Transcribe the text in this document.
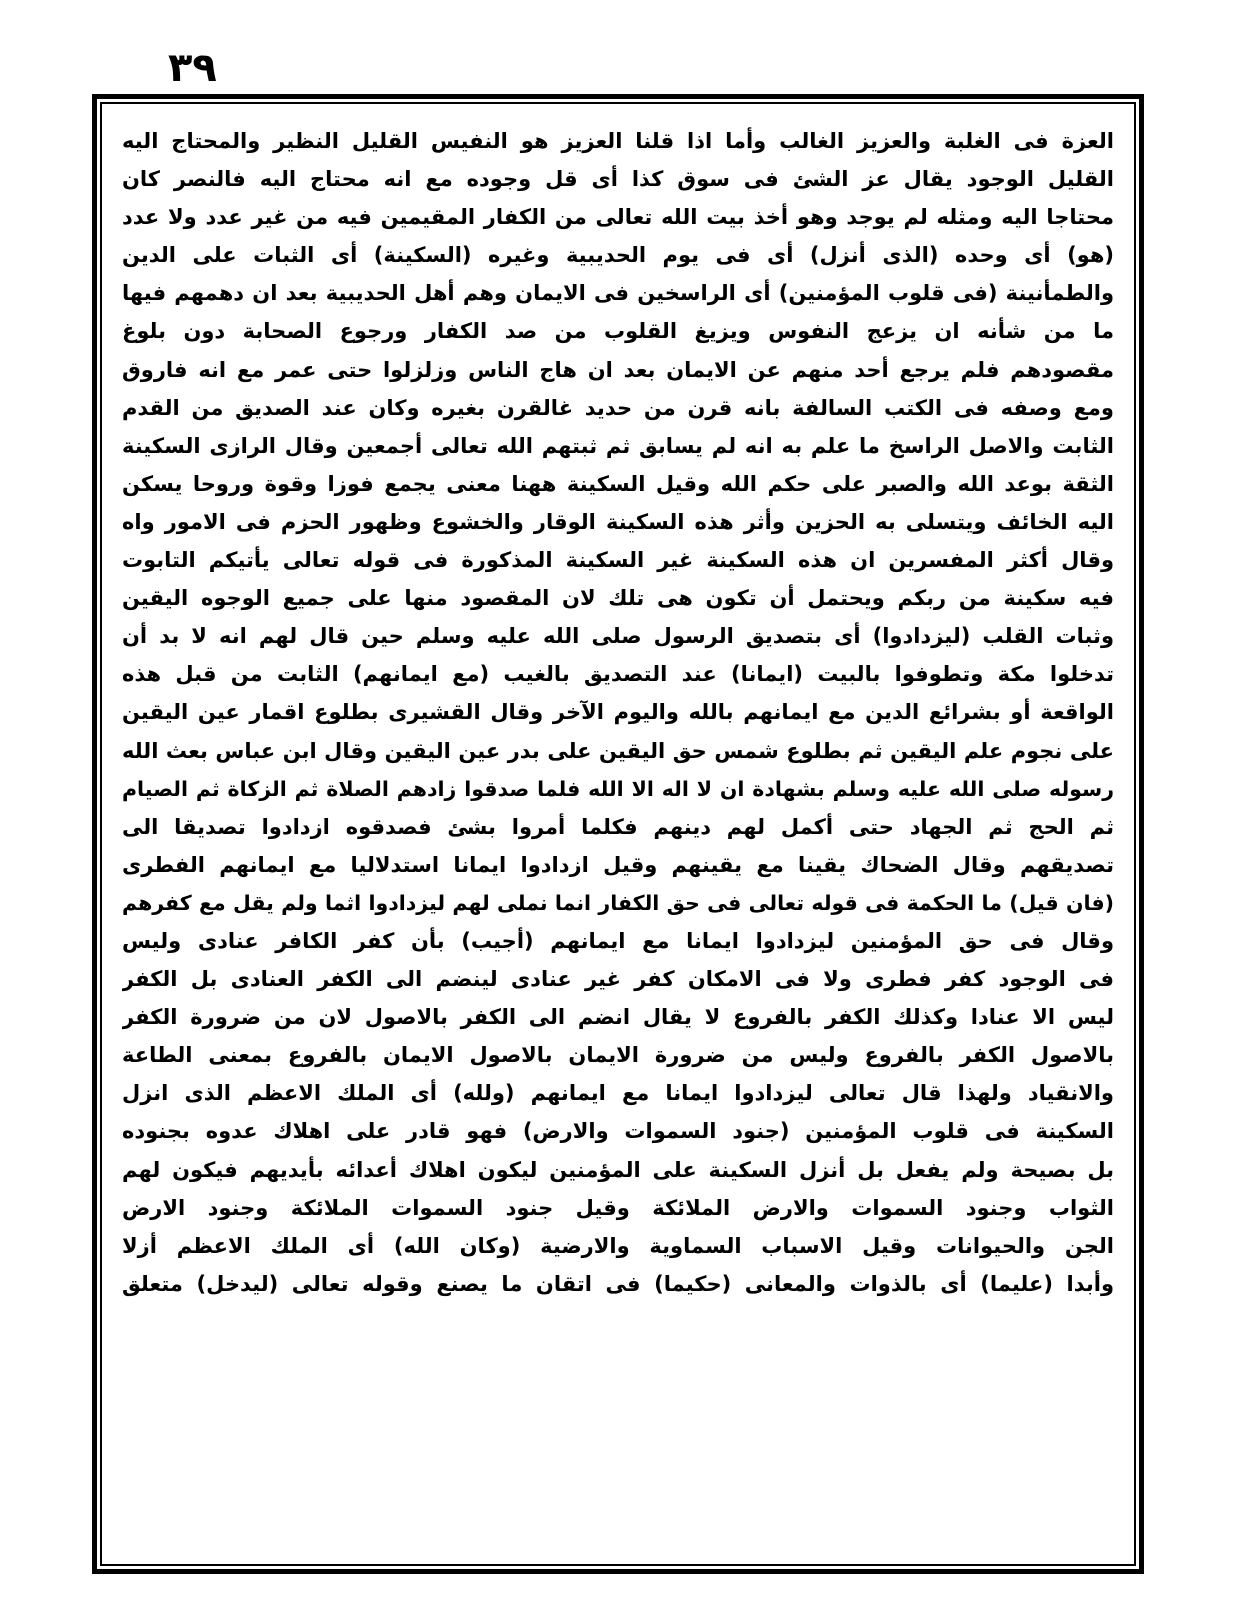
٣٩
العزة فى الغلبة والعزيز الغالب وأما اذا قلنا العزيز هو النفيس القليل النظير والمحتاج اليه
القليل الوجود يقال عز الشئ فى سوق كذا أى قل وجوده مع انه محتاج اليه فالنصر كان
محتاجا اليه ومثله لم يوجد وهو أخذ بيت الله تعالى من الكفار المقيمين فيه من غير عدد ولا عدد
(هو) أى وحده (الذى أنزل) أى فى يوم الحديبية وغيره (السكينة) أى الثبات على الدين
والطمأنينة (فى قلوب المؤمنين) أى الراسخين فى الايمان وهم أهل الحديبية بعد ان دهمهم فيها
ما من شأنه ان يزعج النفوس ويزيغ القلوب من صد الكفار ورجوع الصحابة دون بلوغ
مقصودهم فلم يرجع أحد منهم عن الايمان بعد ان هاج الناس وزلزلوا حتى عمر مع انه فاروق
ومع وصفه فى الكتب السالفة بانه قرن من حديد غالقرن بغيره وكان عند الصديق من القدم
الثابت والاصل الراسخ ما علم به انه لم يسابق ثم ثبتهم الله تعالى أجمعين وقال الرازى السكينة
الثقة بوعد الله والصبر على حكم الله وقيل السكينة ههنا معنى يجمع فوزا وقوة وروحا يسكن
اليه الخائف ويتسلى به الحزين وأثر هذه السكينة الوقار والخشوع وظهور الحزم فى الامور واه
وقال أكثر المفسرين ان هذه السكينة غير السكينة المذكورة فى قوله تعالى يأتيكم التابوت
فيه سكينة من ربكم ويحتمل أن تكون هى تلك لان المقصود منها على جميع الوجوه اليقين
وثبات القلب (ليزدادوا) أى بتصديق الرسول صلى الله عليه وسلم حين قال لهم انه لا بد أن
تدخلوا مكة وتطوفوا بالبيت (ايمانا) عند التصديق بالغيب (مع ايمانهم) الثابت من قبل هذه
الواقعة أو بشرائع الدين مع ايمانهم بالله واليوم الآخر وقال القشيرى بطلوع اقمار عين اليقين
على نجوم علم اليقين ثم بطلوع شمس حق اليقين على بدر عين اليقين وقال ابن عباس بعث الله
رسوله صلى الله عليه وسلم بشهادة ان لا اله الا الله فلما صدقوا زادهم الصلاة ثم الزكاة ثم الصيام
ثم الحج ثم الجهاد حتى أكمل لهم دينهم فكلما أمروا بشئ فصدقوه ازدادوا تصديقا الى
تصديقهم وقال الضحاك يقينا مع يقينهم وقيل ازدادوا ايمانا استدلاليا مع ايمانهم الفطرى
(فان قيل) ما الحكمة فى قوله تعالى فى حق الكفار انما نملى لهم ليزدادوا اثما ولم يقل مع كفرهم
وقال فى حق المؤمنين ليزدادوا ايمانا مع ايمانهم (أجيب) بأن كفر الكافر عنادى وليس
فى الوجود كفر فطرى ولا فى الامكان كفر غير عنادى لينضم الى الكفر العنادى بل الكفر
ليس الا عنادا وكذلك الكفر بالفروع لا يقال انضم الى الكفر بالاصول لان من ضرورة الكفر
بالاصول الكفر بالفروع وليس من ضرورة الايمان بالاصول الايمان بالفروع بمعنى الطاعة
والانقياد ولهذا قال تعالى ليزدادوا ايمانا مع ايمانهم (ولله) أى الملك الاعظم الذى انزل
السكينة فى قلوب المؤمنين (جنود السموات والارض) فهو قادر على اهلاك عدوه بجنوده
بل بصيحة ولم يفعل بل أنزل السكينة على المؤمنين ليكون اهلاك أعدائه بأيديهم فيكون لهم
الثواب وجنود السموات والارض الملائكة وقيل جنود السموات الملائكة وجنود الارض
الجن والحيوانات وقيل الاسباب السماوية والارضية (وكان الله) أى الملك الاعظم أزلا
وأبدا (عليما) أى بالذوات والمعانى (حكيما) فى اتقان ما يصنع وقوله تعالى (ليدخل) متعلق
